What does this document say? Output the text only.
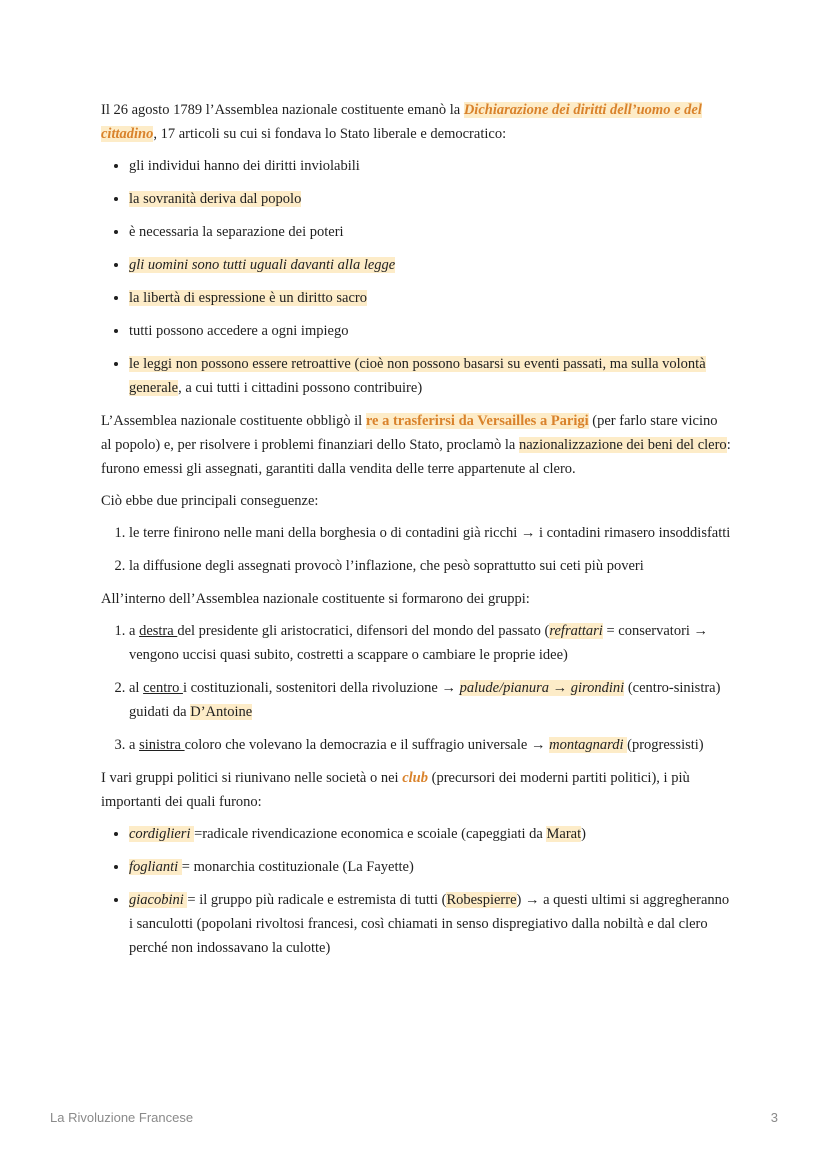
Il 26 agosto 1789 l’Assemblea nazionale costituente emanò la Dichiarazione dei diritti dell’uomo e del cittadino, 17 articoli su cui si fondava lo Stato liberale e democratico:

• gli individui hanno dei diritti inviolabili
• la sovranità deriva dal popolo
• è necessaria la separazione dei poteri
• gli uomini sono tutti uguali davanti alla legge
• la libertà di espressione è un diritto sacro
• tutti possono accedere a ogni impiego
• le leggi non possono essere retroattive (cioè non possono basarsi su eventi passati, ma sulla volontà generale, a cui tutti i cittadini possono contribuire)

L’Assemblea nazionale costituente obbligò il re a trasferirsi da Versailles a Parigi (per farlo stare vicino al popolo) e, per risolvere i problemi finanziari dello Stato, proclamò la nazionalizzazione dei beni del clero: furono emessi gli assegnati, garantiti dalla vendita delle terre appartenute al clero.

Ciò ebbe due principali conseguenze:

1. le terre finirono nelle mani della borghesia o di contadini già ricchi → i contadini rimasero insoddisfatti
2. la diffusione degli assegnati provocò l’inflazione, che pesò soprattutto sui ceti più poveri

All’interno dell’Assemblea nazionale costituente si formarono dei gruppi:

1. a destra del presidente gli aristocratici, difensori del mondo del passato (refrattari = conservatori → vengono uccisi quasi subito, costretti a scappare o cambiare le proprie idee)
2. al centro i costituzionali, sostenitori della rivoluzione → palude/pianura → girondini (centro-sinistra) guidati da D’Antoine
3. a sinistra coloro che volevano la democrazia e il suffragio universale → montagnardi (progressisti)

I vari gruppi politici si riunivano nelle società o nei club (precursori dei moderni partiti politici), i più importanti dei quali furono:

• cordiglieri =radicale rivendicazione economica e scoiale (capeggiati da Marat)
• foglianti = monarchia costituzionale (La Fayette)
• giacobini = il gruppo più radicale e estremista di tutti (Robespierre) → a questi ultimi si aggregheranno i sanculotti (popolani rivoltosi francesi, così chiamati in senso dispregiativo dalla nobiltà e dal clero perché non indossavano la culotte)
La Rivoluzione Francese	3
